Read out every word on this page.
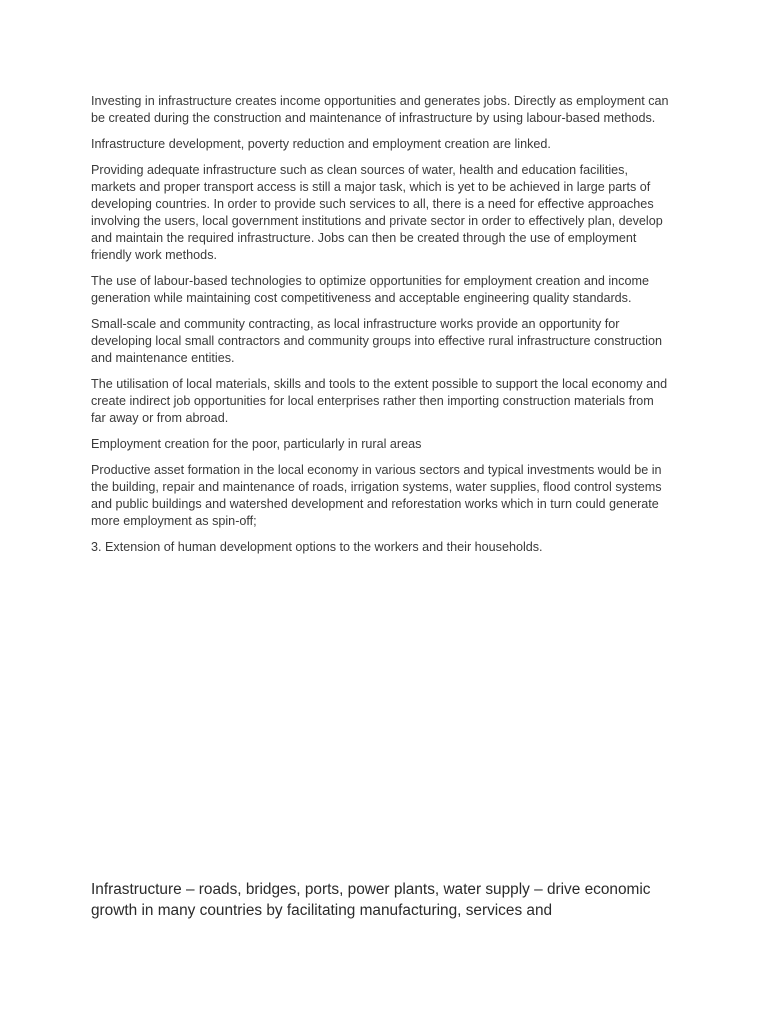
Investing in infrastructure creates income opportunities and generates jobs. Directly as employment can be created during the construction and maintenance of infrastructure by using labour-based methods.

Infrastructure development, poverty reduction and employment creation are linked.

Providing adequate infrastructure such as clean sources of water, health and education facilities, markets and proper transport access is still a major task, which is yet to be achieved in large parts of developing countries. In order to provide such services to all, there is a need for effective approaches involving the users, local government institutions and private sector in order to effectively plan, develop and maintain the required infrastructure. Jobs can then be created through the use of employment friendly work methods.

The use of labour-based technologies to optimize opportunities for employment creation and income generation while maintaining cost competitiveness and acceptable engineering quality standards.

Small-scale and community contracting, as local infrastructure works provide an opportunity for developing local small contractors and community groups into effective rural infrastructure construction and maintenance entities.

The utilisation of local materials, skills and tools to the extent possible to support the local economy and create indirect job opportunities for local enterprises rather then importing construction materials from far away or from abroad.

Employment creation for the poor, particularly in rural areas

Productive asset formation in the local economy in various sectors and typical investments would be in the building, repair and maintenance of roads, irrigation systems, water supplies, flood control systems and public buildings and watershed development and reforestation works which in turn could generate more employment as spin-off;

3. Extension of human development options to the workers and their households.

Infrastructure – roads, bridges, ports, power plants, water supply – drive economic growth in many countries by facilitating manufacturing, services and
